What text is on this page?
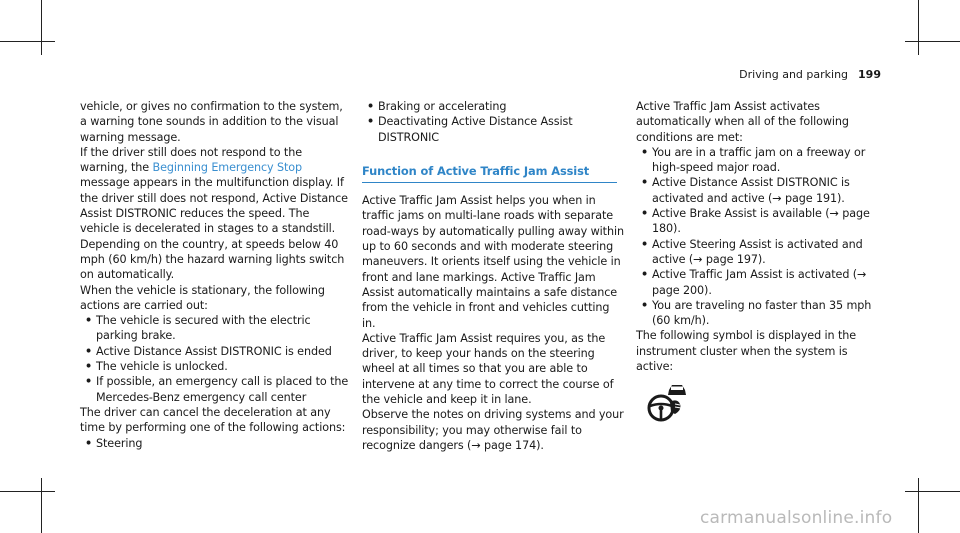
Driving and parking 199

vehicle, or gives no confirmation to the system, a warning tone sounds in addition to the visual warning message.

If the driver still does not respond to the warning, the Beginning Emergency Stop message appears in the multifunction display. If the driver still does not respond, Active Distance Assist DISTRONIC reduces the speed. The vehicle is decelerated in stages to a standstill.

Depending on the country, at speeds below 40 mph (60 km/h) the hazard warning lights switch on automatically.

When the vehicle is stationary, the following actions are carried out:

• The vehicle is secured with the electric parking brake.
• Active Distance Assist DISTRONIC is ended
• The vehicle is unlocked.
• If possible, an emergency call is placed to the Mercedes-Benz emergency call center

The driver can cancel the deceleration at any time by performing one of the following actions:

• Steering
• Braking or accelerating
• Deactivating Active Distance Assist DISTRONIC
Function of Active Traffic Jam Assist

Active Traffic Jam Assist helps you when in traffic jams on multi-lane roads with separate road-ways by automatically pulling away within up to 60 seconds and with moderate steering maneuvers. It orients itself using the vehicle in front and lane markings. Active Traffic Jam Assist automatically maintains a safe distance from the vehicle in front and vehicles cutting in.

Active Traffic Jam Assist requires you, as the driver, to keep your hands on the steering wheel at all times so that you are able to intervene at any time to correct the course of the vehicle and keep it in lane.

Observe the notes on driving systems and your responsibility; you may otherwise fail to recognize dangers (→ page 174).

Active Traffic Jam Assist activates automatically when all of the following conditions are met:

• You are in a traffic jam on a freeway or high-speed major road.
• Active Distance Assist DISTRONIC is activated and active (→ page 191).
• Active Brake Assist is available (→ page 180).
• Active Steering Assist is activated and active (→ page 197).
• Active Traffic Jam Assist is activated (→ page 200).
• You are traveling no faster than 35 mph (60 km/h).

The following symbol is displayed in the instrument cluster when the system is active:

carmanualsonline.info
